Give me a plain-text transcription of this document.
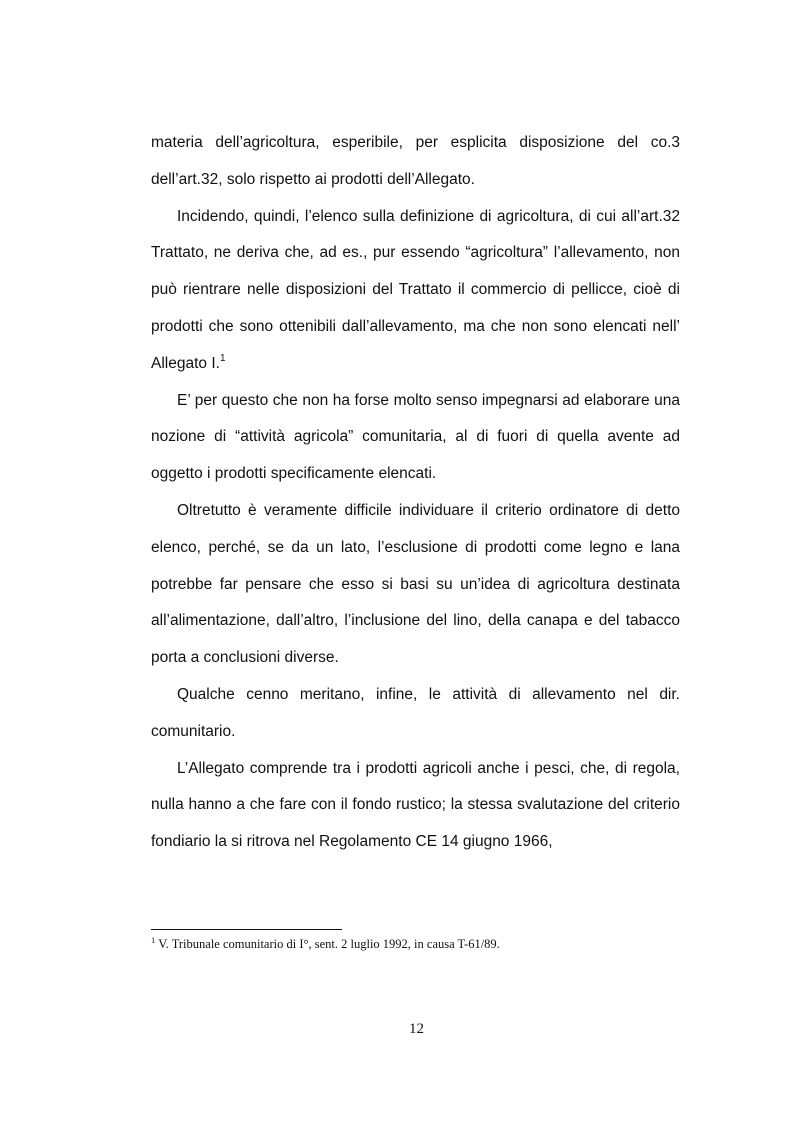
materia dell’agricoltura, esperibile, per esplicita disposizione del co.3 dell’art.32, solo rispetto ai prodotti dell’Allegato.

Incidendo, quindi, l’elenco sulla definizione di agricoltura, di cui all’art.32 Trattato, ne deriva che, ad es., pur essendo “agricoltura” l’allevamento, non può rientrare nelle disposizioni del Trattato il commercio di pellicce, cioè di prodotti che sono ottenibili dall’allevamento, ma che non sono elencati nell’ Allegato I.$^1$

E’ per questo che non ha forse molto senso impegnarsi ad elaborare una nozione di “attività agricola” comunitaria, al di fuori di quella avente ad oggetto i prodotti specificamente elencati.

Oltretutto è veramente difficile individuare il criterio ordinatore di detto elenco, perché, se da un lato, l’esclusione di prodotti come legno e lana potrebbe far pensare che esso si basi su un’idea di agricoltura destinata all’alimentazione, dall’altro, l’inclusione del lino, della canapa e del tabacco porta a conclusioni diverse.

Qualche cenno meritano, infine, le attività di allevamento nel dir. comunitario.

L’Allegato comprende tra i prodotti agricoli anche i pesci, che, di regola, nulla hanno a che fare con il fondo rustico; la stessa svalutazione del criterio fondiario la si ritrova nel Regolamento CE 14 giugno 1966,

$^1$ V. Tribunale comunitario di I°, sent. 2 luglio 1992, in causa T-61/89.
12
